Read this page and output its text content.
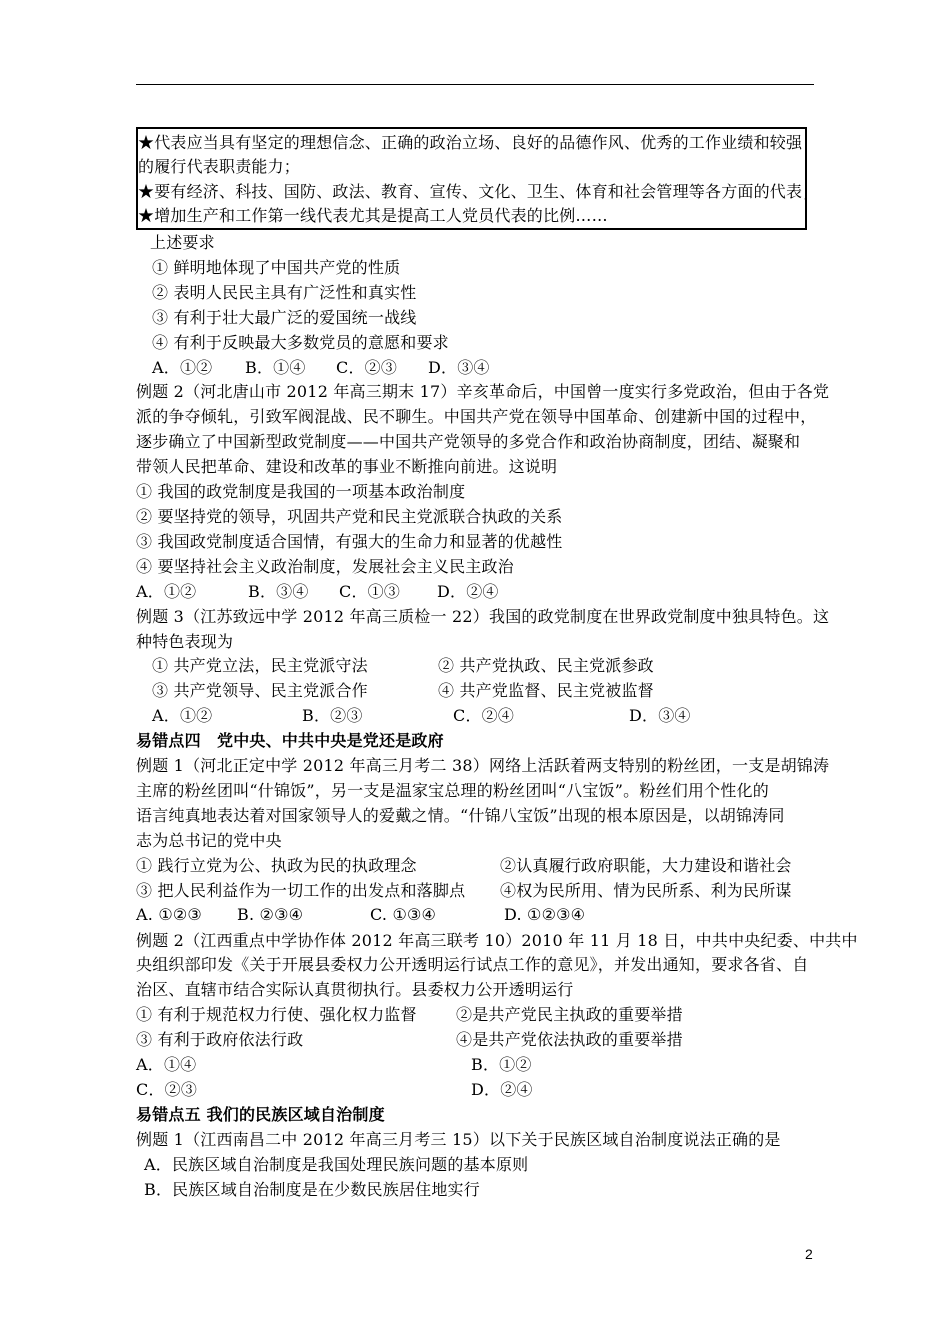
★代表应当具有坚定的理想信念、正确的政治立场、良好的品德作风、优秀的工作业绩和较强
的履行代表职责能力；
★要有经济、科技、国防、政法、教育、宣传、文化、卫生、体育和社会管理等各方面的代表；
★增加生产和工作第一线代表尤其是提高工人党员代表的比例……
上述要求
① 鲜明地体现了中国共产党的性质
② 表明人民民主具有广泛性和真实性
③ 有利于壮大最广泛的爱国统一战线
④ 有利于反映最大多数党员的意愿和要求
A．①② B．①④ C．②③ D．③④
例题 2（河北唐山市 2012 年高三期末 17）辛亥革命后，中国曾一度实行多党政治，但由于各党
派的争夺倾轧，引致军阀混战、民不聊生。中国共产党在领导中国革命、创建新中国的过程中，
逐步确立了中国新型政党制度——中国共产党领导的多党合作和政治协商制度，团结、凝聚和
带领人民把革命、建设和改革的事业不断推向前进。这说明
① 我国的政党制度是我国的一项基本政治制度
② 要坚持党的领导，巩固共产党和民主党派联合执政的关系
③ 我国政党制度适合国情，有强大的生命力和显著的优越性
④ 要坚持社会主义政治制度，发展社会主义民主政治
A．①②	B．③④ C．①③ D．②④
例题 3（江苏致远中学 2012 年高三质检一 22）我国的政党制度在世界政党制度中独具特色。这
种特色表现为
① 共产党立法，民主党派守法	② 共产党执政、民主党派参政
③ 共产党领导、民主党派合作	④ 共产党监督、民主党被监督
A．①②	B．②③	C．②④	D．③④
易错点四　党中央、中共中央是党还是政府
例题 1（河北正定中学 2012 年高三月考二 38）网络上活跃着两支特别的粉丝团，一支是胡锦涛
主席的粉丝团叫“什锦饭”，另一支是温家宝总理的粉丝团叫“八宝饭”。粉丝们用个性化的
语言纯真地表达着对国家领导人的爱戴之情。“什锦八宝饭”出现的根本原因是，以胡锦涛同
志为总书记的党中央
① 践行立党为公、执政为民的执政理念	②认真履行政府职能，大力建设和谐社会
③ 把人民利益作为一切工作的出发点和落脚点 ④权为民所用、情为民所系、利为民所谋
A. ①②③ B. ②③④	C. ①③④	D. ①②③④
例题 2（江西重点中学协作体 2012 年高三联考 10）2010 年 11 月 18 日，中共中央纪委、中共中
央组织部印发《关于开展县委权力公开透明运行试点工作的意见》，并发出通知，要求各省、自
治区、直辖市结合实际认真贯彻执行。县委权力公开透明运行
① 有利于规范权力行使、强化权力监督 ②是共产党民主执政的重要举措
③ 有利于政府依法行政	④是共产党依法执政的重要举措
A．①④	B．①②
C．②③	D．②④
易错点五 我们的民族区域自治制度
例题 1（江西南昌二中 2012 年高三月考三 15）以下关于民族区域自治制度说法正确的是
A．民族区域自治制度是我国处理民族问题的基本原则
B．民族区域自治制度是在少数民族居住地实行
2
